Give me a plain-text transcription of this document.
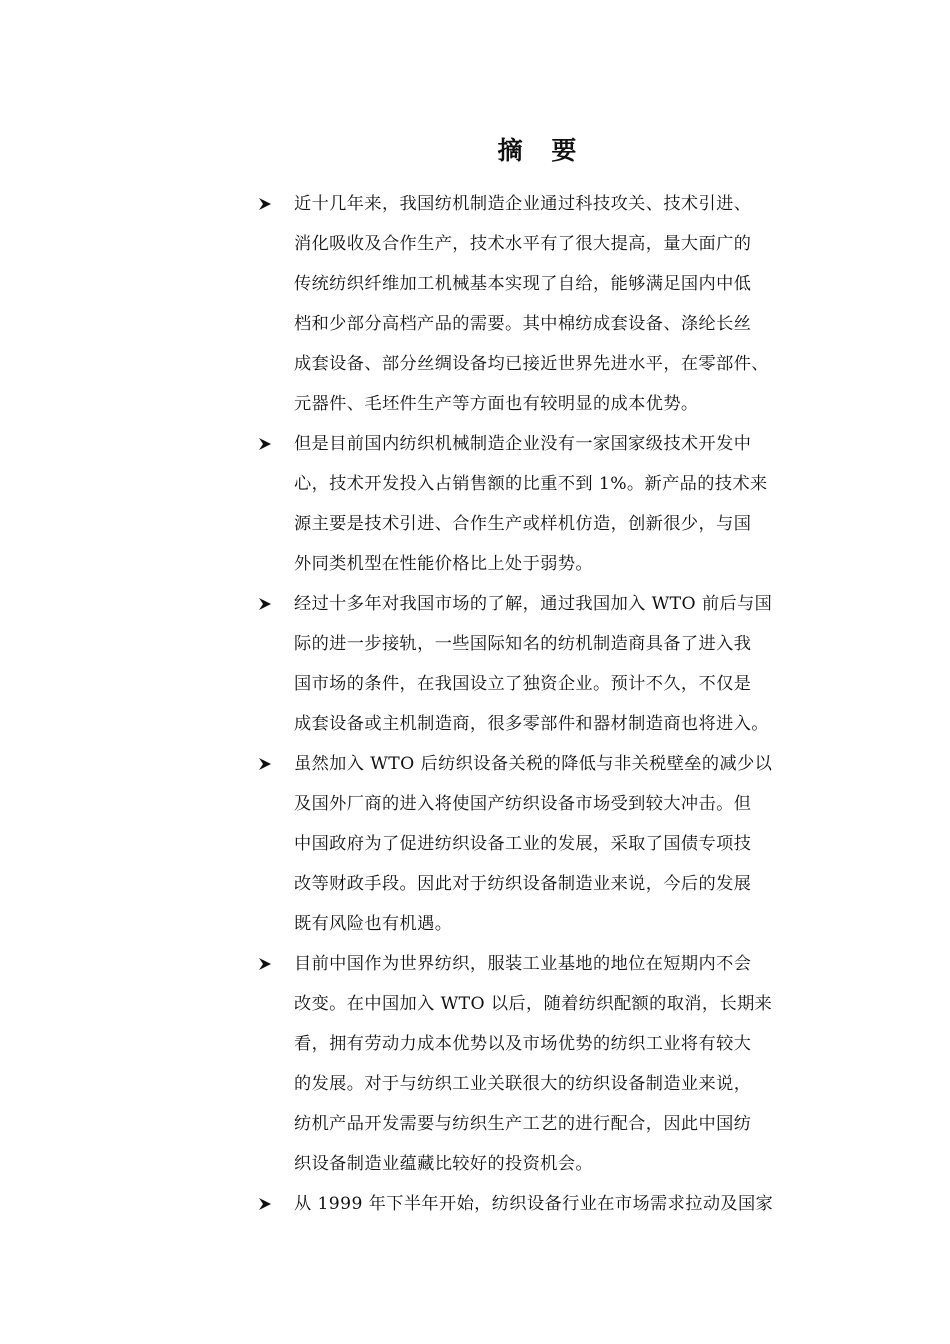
摘 要
近十几年来，我国纺机制造企业通过科技攻关、技术引进、
消化吸收及合作生产，技术水平有了很大提高，量大面广的
传统纺织纤维加工机械基本实现了自给，能够满足国内中低
档和少部分高档产品的需要。其中棉纺成套设备、涤纶长丝
成套设备、部分丝绸设备均已接近世界先进水平，在零部件、
元器件、毛坯件生产等方面也有较明显的成本优势。
但是目前国内纺织机械制造企业没有一家国家级技术开发中
心，技术开发投入占销售额的比重不到 1%。新产品的技术来
源主要是技术引进、合作生产或样机仿造，创新很少，与国
外同类机型在性能价格比上处于弱势。
经过十多年对我国市场的了解，通过我国加入 WTO 前后与国
际的进一步接轨，一些国际知名的纺机制造商具备了进入我
国市场的条件，在我国设立了独资企业。预计不久，不仅是
成套设备或主机制造商，很多零部件和器材制造商也将进入。
虽然加入 WTO 后纺织设备关税的降低与非关税壁垒的减少以
及国外厂商的进入将使国产纺织设备市场受到较大冲击。但
中国政府为了促进纺织设备工业的发展，采取了国债专项技
改等财政手段。因此对于纺织设备制造业来说，今后的发展
既有风险也有机遇。
目前中国作为世界纺织，服装工业基地的地位在短期内不会
改变。在中国加入 WTO 以后，随着纺织配额的取消，长期来
看，拥有劳动力成本优势以及市场优势的纺织工业将有较大
的发展。对于与纺织工业关联很大的纺织设备制造业来说，
纺机产品开发需要与纺织生产工艺的进行配合，因此中国纺
织设备制造业蕴藏比较好的投资机会。
从 1999 年下半年开始，纺织设备行业在市场需求拉动及国家
